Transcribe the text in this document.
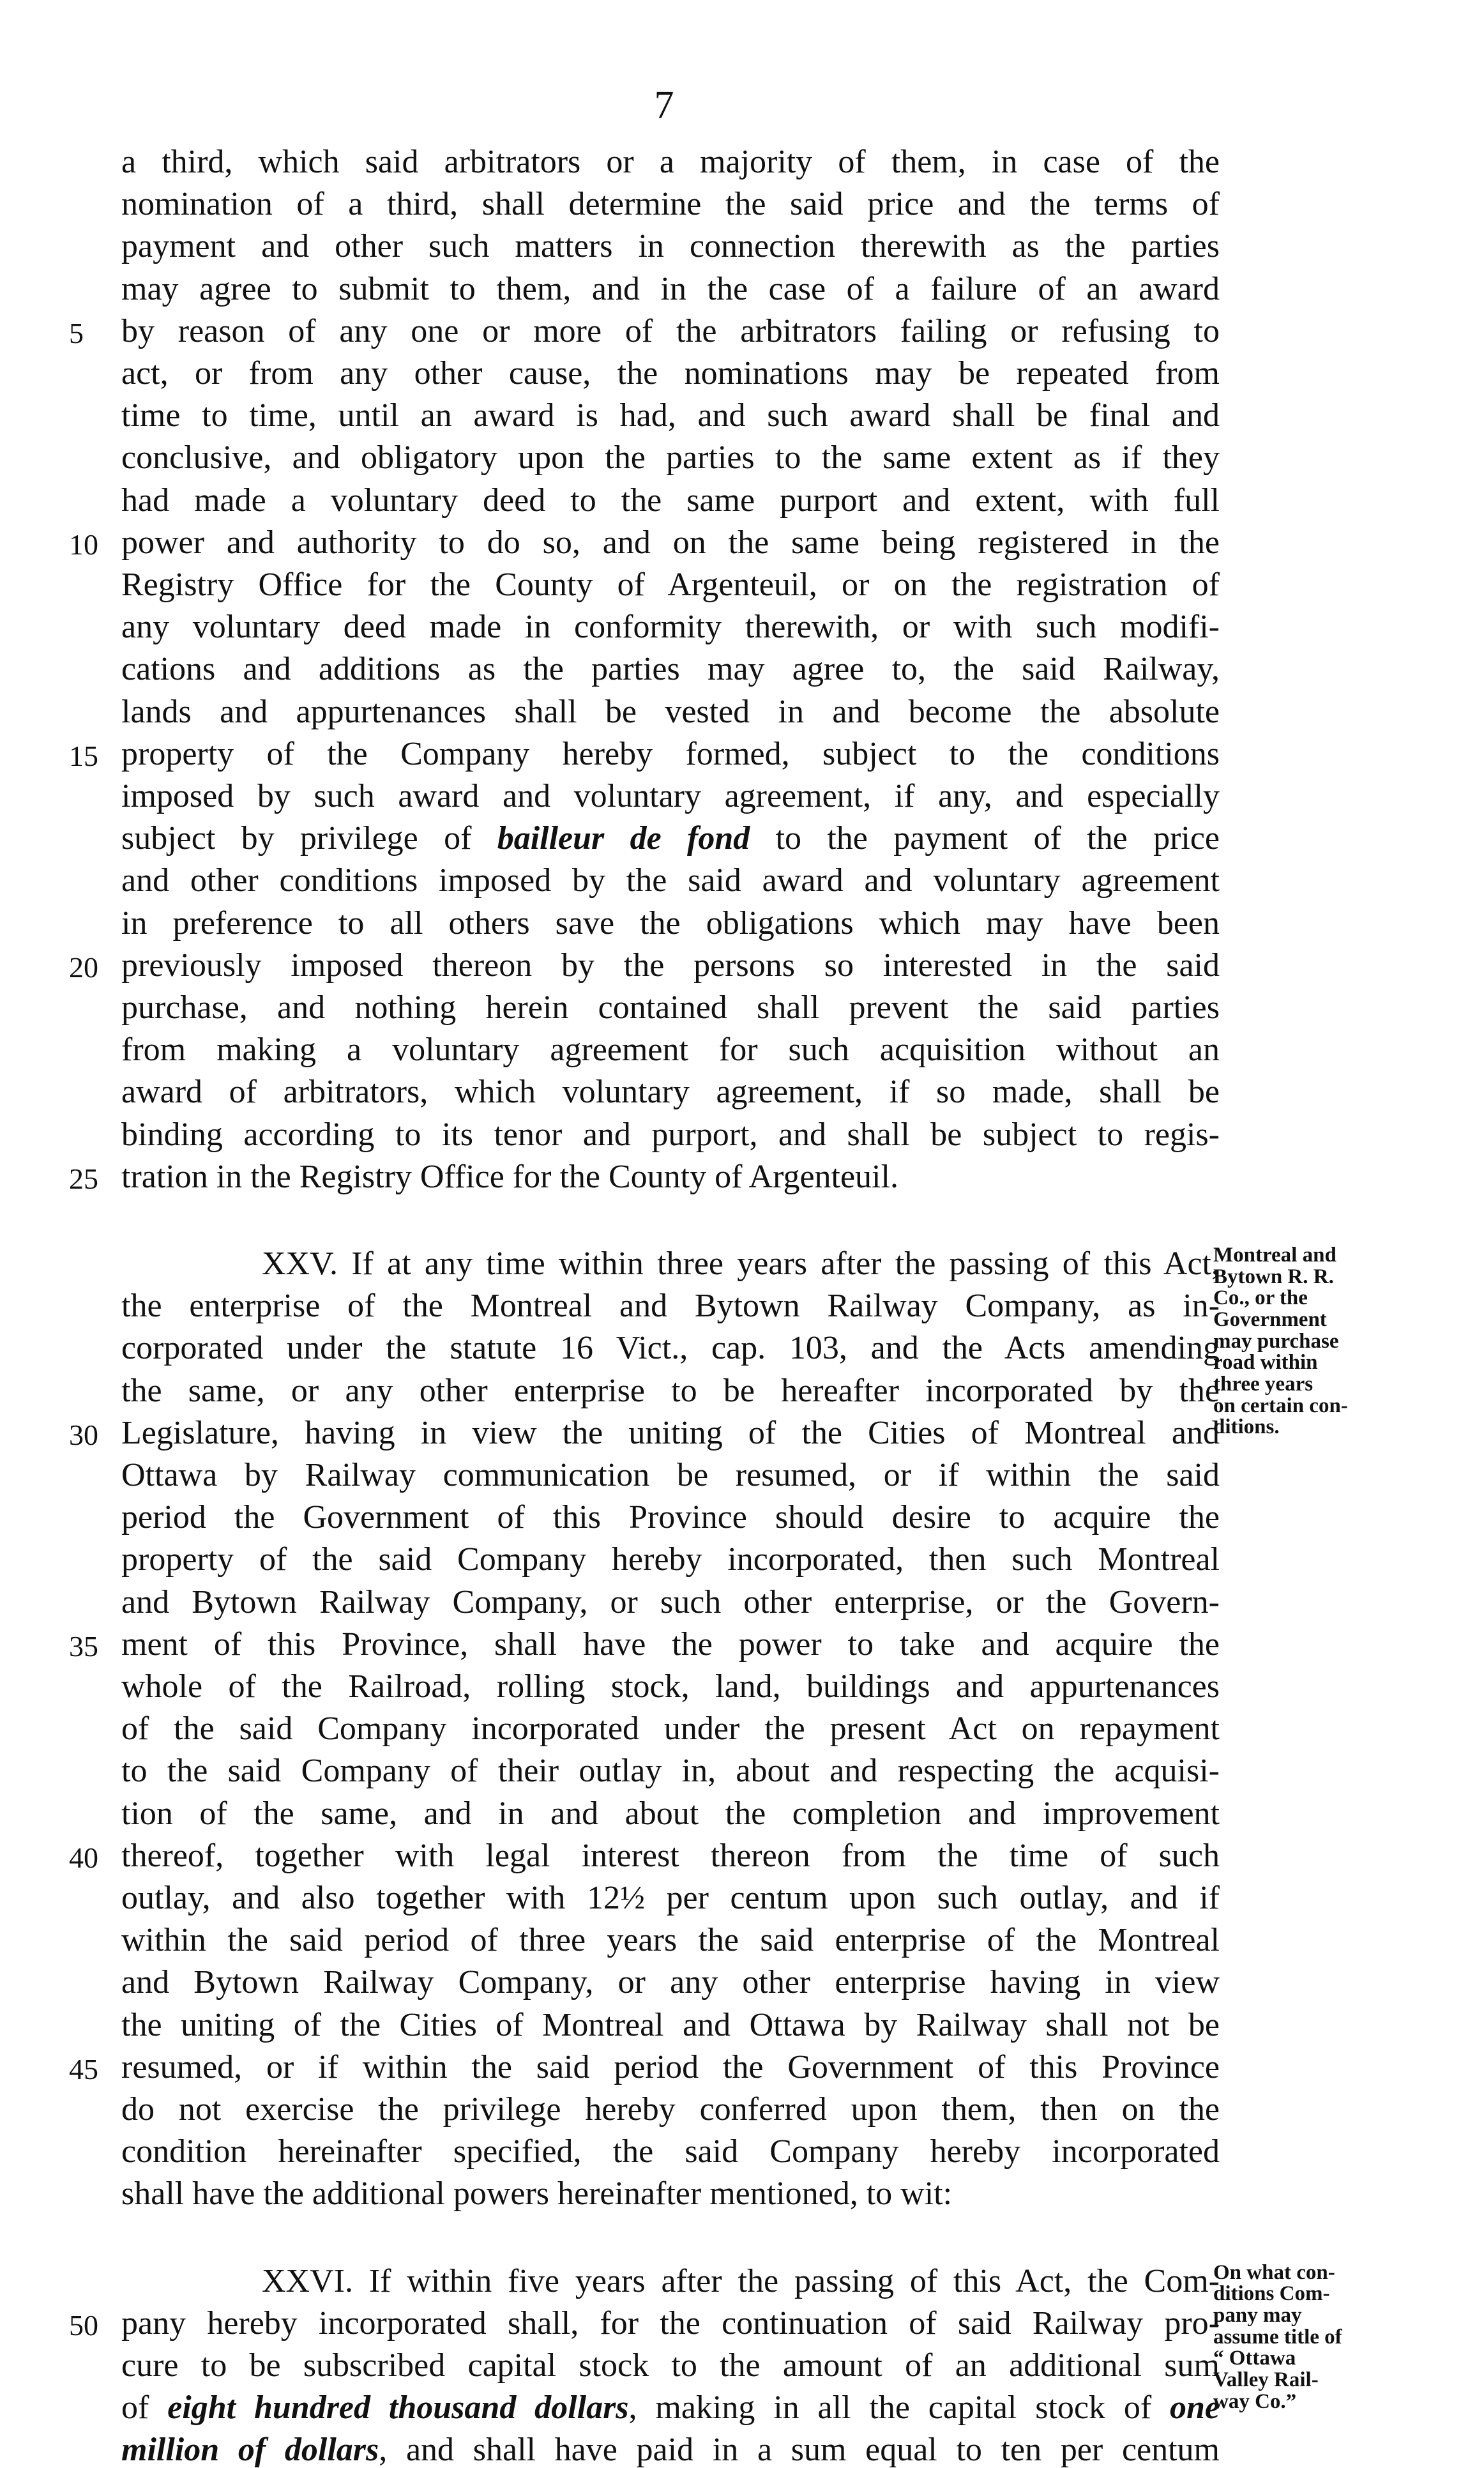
7
a third, which said arbitrators or a majority of them, in case of the
nomination of a third, shall determine the said price and the terms of
payment and other such matters in connection therewith as the parties
may agree to submit to them, and in the case of a failure of an award
by reason of any one or more of the arbitrators failing or refusing to
act, or from any other cause, the nominations may be repeated from
time to time, until an award is had, and such award shall be final and
conclusive, and obligatory upon the parties to the same extent as if they
had made a voluntary deed to the same purport and extent, with full
power and authority to do so, and on the same being registered in the
Registry Office for the County of Argenteuil, or on the registration of
any voluntary deed made in conformity therewith, or with such modifi-
cations and additions as the parties may agree to, the said Railway,
lands and appurtenances shall be vested in and become the absolute
property of the Company hereby formed, subject to the conditions
imposed by such award and voluntary agreement, if any, and especially
subject by privilege of bailleur de fond to the payment of the price
and other conditions imposed by the said award and voluntary agreement
in preference to all others save the obligations which may have been
previously imposed thereon by the persons so interested in the said
purchase, and nothing herein contained shall prevent the said parties
from making a voluntary agreement for such acquisition without an
award of arbitrators, which voluntary agreement, if so made, shall be
binding according to its tenor and purport, and shall be subject to regis-
tration in the Registry Office for the County of Argenteuil.
XXV. If at any time within three years after the passing of this Act,
the enterprise of the Montreal and Bytown Railway Company, as in-
corporated under the statute 16 Vict., cap. 103, and the Acts amending
the same, or any other enterprise to be hereafter incorporated by the
Legislature, having in view the uniting of the Cities of Montreal and
Ottawa by Railway communication be resumed, or if within the said
period the Government of this Province should desire to acquire the
property of the said Company hereby incorporated, then such Montreal
and Bytown Railway Company, or such other enterprise, or the Govern-
ment of this Province, shall have the power to take and acquire the
whole of the Railroad, rolling stock, land, buildings and appurtenances
of the said Company incorporated under the present Act on repayment
to the said Company of their outlay in, about and respecting the acquisi-
tion of the same, and in and about the completion and improvement
thereof, together with legal interest thereon from the time of such
outlay, and also together with 12½ per centum upon such outlay, and if
within the said period of three years the said enterprise of the Montreal
and Bytown Railway Company, or any other enterprise having in view
the uniting of the Cities of Montreal and Ottawa by Railway shall not be
resumed, or if within the said period the Government of this Province
do not exercise the privilege hereby conferred upon them, then on the
condition hereinafter specified, the said Company hereby incorporated
shall have the additional powers hereinafter mentioned, to wit:
XXVI. If within five years after the passing of this Act, the Com-
pany hereby incorporated shall, for the continuation of said Railway pro-
cure to be subscribed capital stock to the amount of an additional sum
of eight hundred thousand dollars, making in all the capital stock of one
million of dollars, and shall have paid in a sum equal to ten per centum
5
10
15
20
25
30
35
40
45
50
Montreal and
Bytown R. R.
Co., or the
Government
may purchase
road within
three years
on certain con-
ditions.
On what con-
ditions Com-
pany may
assume title of
“ Ottawa
Valley Rail-
way Co.”
